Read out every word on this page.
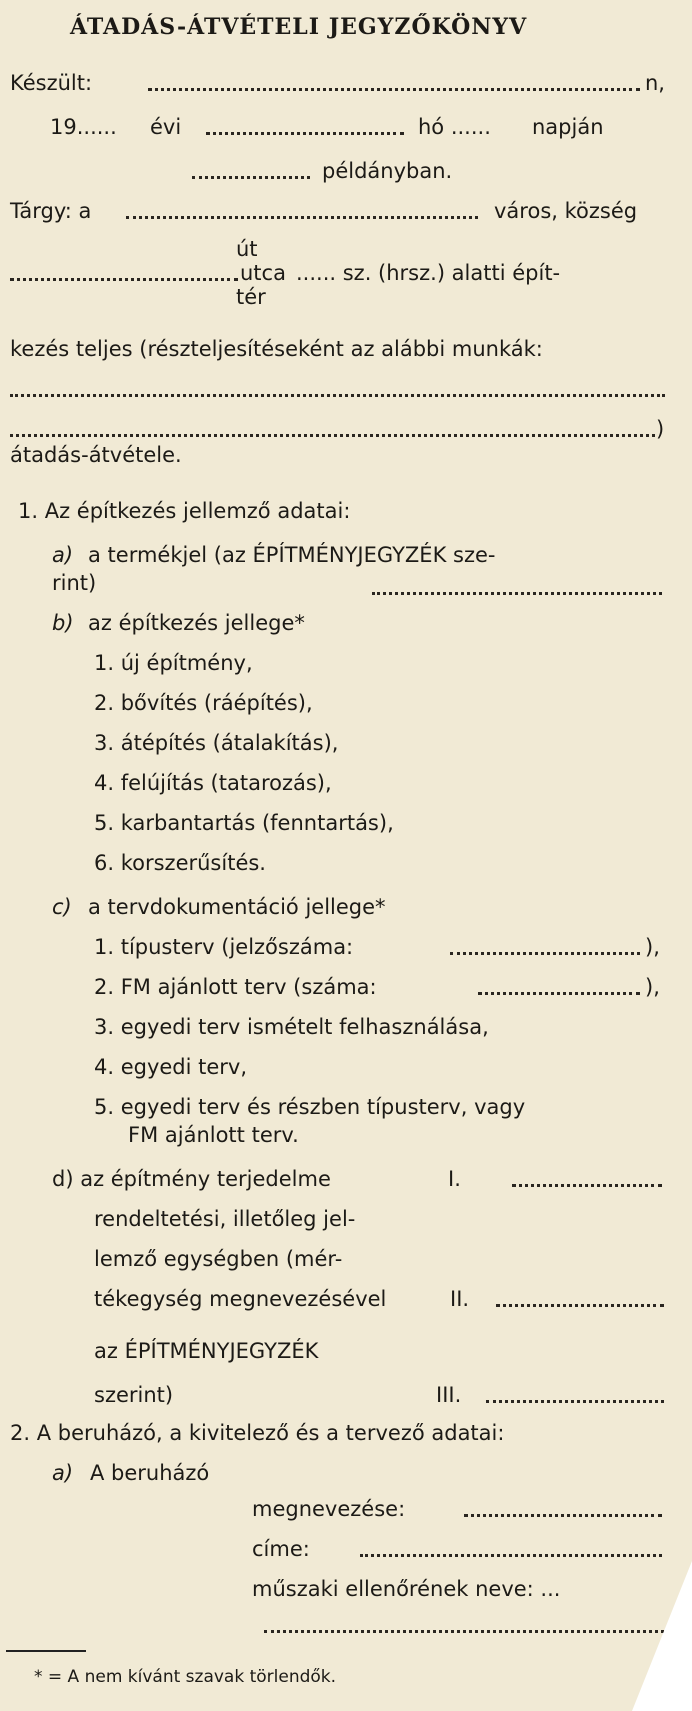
ÁTADÁS-ÁTVÉTELI JEGYZŐKÖNYV
Készült:	n,
19...... évi	hó ...... napján
példányban.
Tárgy: a	város, község
út
utca ...... sz. (hrsz.) alatti épít-
tér
kezés teljes (részteljesítéseként az alábbi munkák:
)
átadás-átvétele.
1. Az építkezés jellemző adatai:
a) a termékjel (az ÉPÍTMÉNYJEGYZÉK sze-
rint)
b) az építkezés jellege*
1. új építmény,
2. bővítés (ráépítés),
3. átépítés (átalakítás),
4. felújítás (tatarozás),
5. karbantartás (fenntartás),
6. korszerűsítés.
c) a tervdokumentáció jellege*
1. típusterv (jelzőszáma:	),
2. FM ajánlott terv (száma:	),
3. egyedi terv ismételt felhasználása,
4. egyedi terv,
5. egyedi terv és részben típusterv, vagy
FM ajánlott terv.
d) az építmény terjedelme
rendeltetési, illetőleg jel-
lemző egységben (mér-
tékegység megnevezésével
az ÉPÍTMÉNYJEGYZÉK
szerint)
I.
II.
III.
2. A beruházó, a kivitelező és a tervező adatai:
a) A beruházó
megnevezése:
címe:
műszaki ellenőrének neve: ...
* = A nem kívánt szavak törlendők.
